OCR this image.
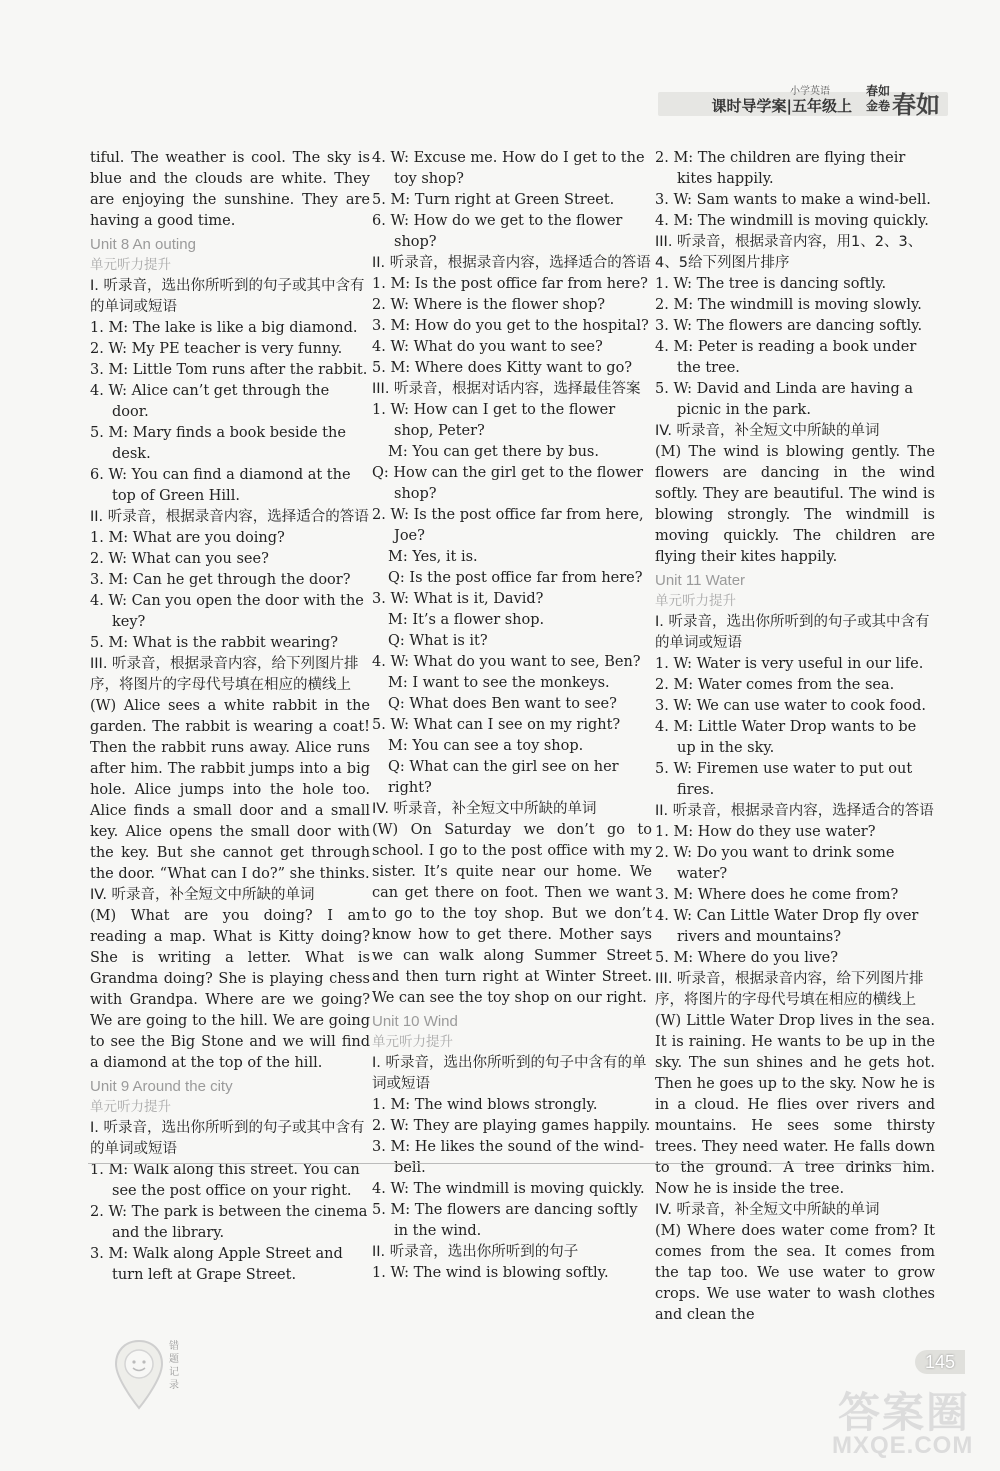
小学英语
课时导学案|五年级上
春如
金卷 春如
tiful. The weather is cool. The sky is blue and the clouds are white. They are enjoying the sunshine. They are having a good time.
Unit 8 An outing
单元听力提升
I. 听录音，选出你所听到的句子或其中含有的单词或短语
1. M: The lake is like a big diamond.
2. W: My PE teacher is very funny.
3. M: Little Tom runs after the rabbit.
4. W: Alice can’t get through the door.
5. M: Mary finds a book beside the desk.
6. W: You can find a diamond at the top of Green Hill.
II. 听录音，根据录音内容，选择适合的答语
1. M: What are you doing?
2. W: What can you see?
3. M: Can he get through the door?
4. W: Can you open the door with the key?
5. M: What is the rabbit wearing?
III. 听录音，根据录音内容，给下列图片排序，将图片的字母代号填在相应的横线上
(W) Alice sees a white rabbit in the garden. The rabbit is wearing a coat! Then the rabbit runs away. Alice runs after him. The rabbit jumps into a big hole. Alice jumps into the hole too. Alice finds a small door and a small key. Alice opens the small door with the key. But she cannot get through the door. “What can I do?” she thinks.
IV. 听录音，补全短文中所缺的单词
(M) What are you doing? I am reading a map. What is Kitty doing? She is writing a letter. What is Grandma doing? She is playing chess with Grandpa. Where are we going? We are going to the hill. We are going to see the Big Stone and we will find a diamond at the top of the hill.
Unit 9 Around the city
单元听力提升
I. 听录音，选出你所听到的句子或其中含有的单词或短语
1. M: Walk along this street. You can see the post office on your right.
2. W: The park is between the cinema and the library.
3. M: Walk along Apple Street and turn left at Grape Street.
4. W: Excuse me. How do I get to the toy shop?
5. M: Turn right at Green Street.
6. W: How do we get to the flower shop?
II. 听录音，根据录音内容，选择适合的答语
1. M: Is the post office far from here?
2. W: Where is the flower shop?
3. M: How do you get to the hospital?
4. W: What do you want to see?
5. M: Where does Kitty want to go?
III. 听录音，根据对话内容，选择最佳答案
1. W: How can I get to the flower shop, Peter?
M: You can get there by bus.
Q: How can the girl get to the flower shop?
2. W: Is the post office far from here, Joe?
M: Yes, it is.
Q: Is the post office far from here?
3. W: What is it, David?
M: It’s a flower shop.
Q: What is it?
4. W: What do you want to see, Ben?
M: I want to see the monkeys.
Q: What does Ben want to see?
5. W: What can I see on my right?
M: You can see a toy shop.
Q: What can the girl see on her right?
IV. 听录音，补全短文中所缺的单词
(W) On Saturday we don’t go to school. I go to the post office with my sister. It’s quite near our home. We can get there on foot. Then we want to go to the toy shop. But we don’t know how to get there. Mother says we can walk along Summer Street and then turn right at Winter Street. We can see the toy shop on our right.
Unit 10 Wind
单元听力提升
I. 听录音，选出你所听到的句子中含有的单词或短语
1. M: The wind blows strongly.
2. W: They are playing games happily.
3. M: He likes the sound of the wind-bell.
4. W: The windmill is moving quickly.
5. M: The flowers are dancing softly in the wind.
II. 听录音，选出你所听到的句子
1. W: The wind is blowing softly.
2. M: The children are flying their kites happily.
3. W: Sam wants to make a wind-bell.
4. M: The windmill is moving quickly.
III. 听录音，根据录音内容，用1、2、3、4、5给下列图片排序
1. W: The tree is dancing softly.
2. M: The windmill is moving slowly.
3. W: The flowers are dancing softly.
4. M: Peter is reading a book under the tree.
5. W: David and Linda are having a picnic in the park.
IV. 听录音，补全短文中所缺的单词
(M) The wind is blowing gently. The flowers are dancing in the wind softly. They are beautiful. The wind is blowing strongly. The windmill is moving quickly. The children are flying their kites happily.
Unit 11 Water
单元听力提升
I. 听录音，选出你所听到的句子或其中含有的单词或短语
1. W: Water is very useful in our life.
2. M: Water comes from the sea.
3. W: We can use water to cook food.
4. M: Little Water Drop wants to be up in the sky.
5. W: Firemen use water to put out fires.
II. 听录音，根据录音内容，选择适合的答语
1. M: How do they use water?
2. W: Do you want to drink some water?
3. M: Where does he come from?
4. W: Can Little Water Drop fly over rivers and mountains?
5. M: Where do you live?
III. 听录音，根据录音内容，给下列图片排序，将图片的字母代号填在相应的横线上
(W) Little Water Drop lives in the sea. It is raining. He wants to be up in the sky. The sun shines and he gets hot. Then he goes up to the sky. Now he is in a cloud. He flies over rivers and mountains. He sees some thirsty trees. They need water. He falls down to the ground. A tree drinks him. Now he is inside the tree.
IV. 听录音，补全短文中所缺的单词
(M) Where does water come from? It comes from the sea. It comes from the tap too. We use water to grow crops. We use water to wash clothes and clean the
错题记录
145
答案圈
MXQE.COM
